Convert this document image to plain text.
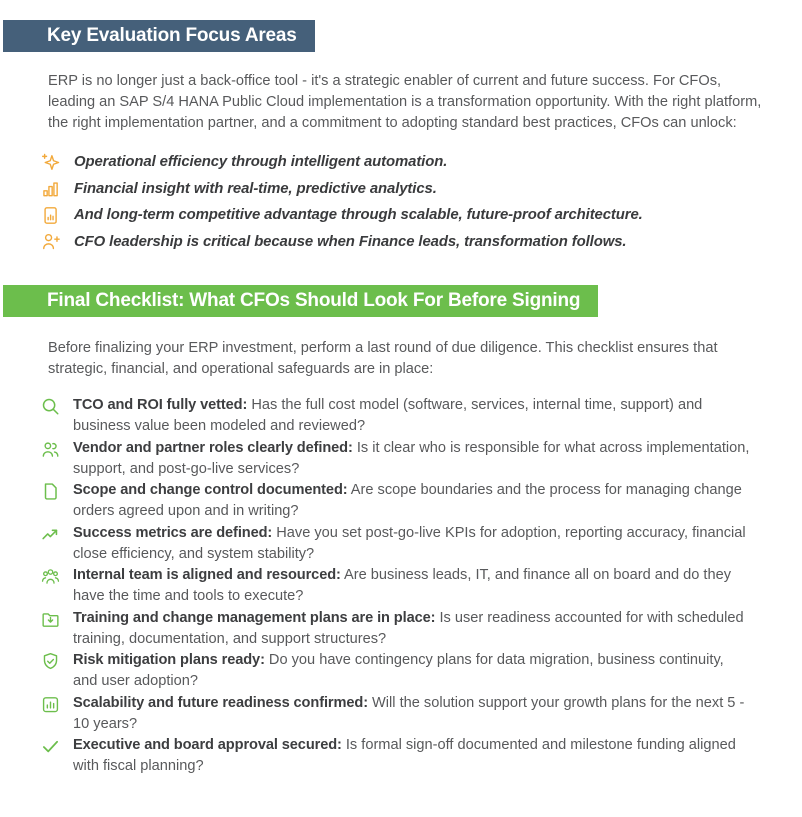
Key Evaluation Focus Areas

ERP is no longer just a back-office tool - it's a strategic enabler of current and future success. For CFOs, leading an SAP S/4 HANA Public Cloud implementation is a transformation opportunity. With the right platform, the right implementation partner, and a commitment to adopting standard best practices, CFOs can unlock:

Operational efficiency through intelligent automation.
Financial insight with real-time, predictive analytics.
And long-term competitive advantage through scalable, future-proof architecture.
CFO leadership is critical because when Finance leads, transformation follows.
Final Checklist: What CFOs Should Look For Before Signing

Before finalizing your ERP investment, perform a last round of due diligence. This checklist ensures that strategic, financial, and operational safeguards are in place:

TCO and ROI fully vetted: Has the full cost model (software, services, internal time, support) and business value been modeled and reviewed?

Vendor and partner roles clearly defined: Is it clear who is responsible for what across implementation, support, and post-go-live services?

Scope and change control documented: Are scope boundaries and the process for managing change orders agreed upon and in writing?

Success metrics are defined: Have you set post-go-live KPIs for adoption, reporting accuracy, financial close efficiency, and system stability?

Internal team is aligned and resourced: Are business leads, IT, and finance all on board and do they have the time and tools to execute?

Training and change management plans are in place: Is user readiness accounted for with scheduled training, documentation, and support structures?

Risk mitigation plans ready: Do you have contingency plans for data migration, business continuity, and user adoption?

Scalability and future readiness confirmed: Will the solution support your growth plans for the next 5 - 10 years?

Executive and board approval secured: Is formal sign-off documented and milestone funding aligned with fiscal planning?
